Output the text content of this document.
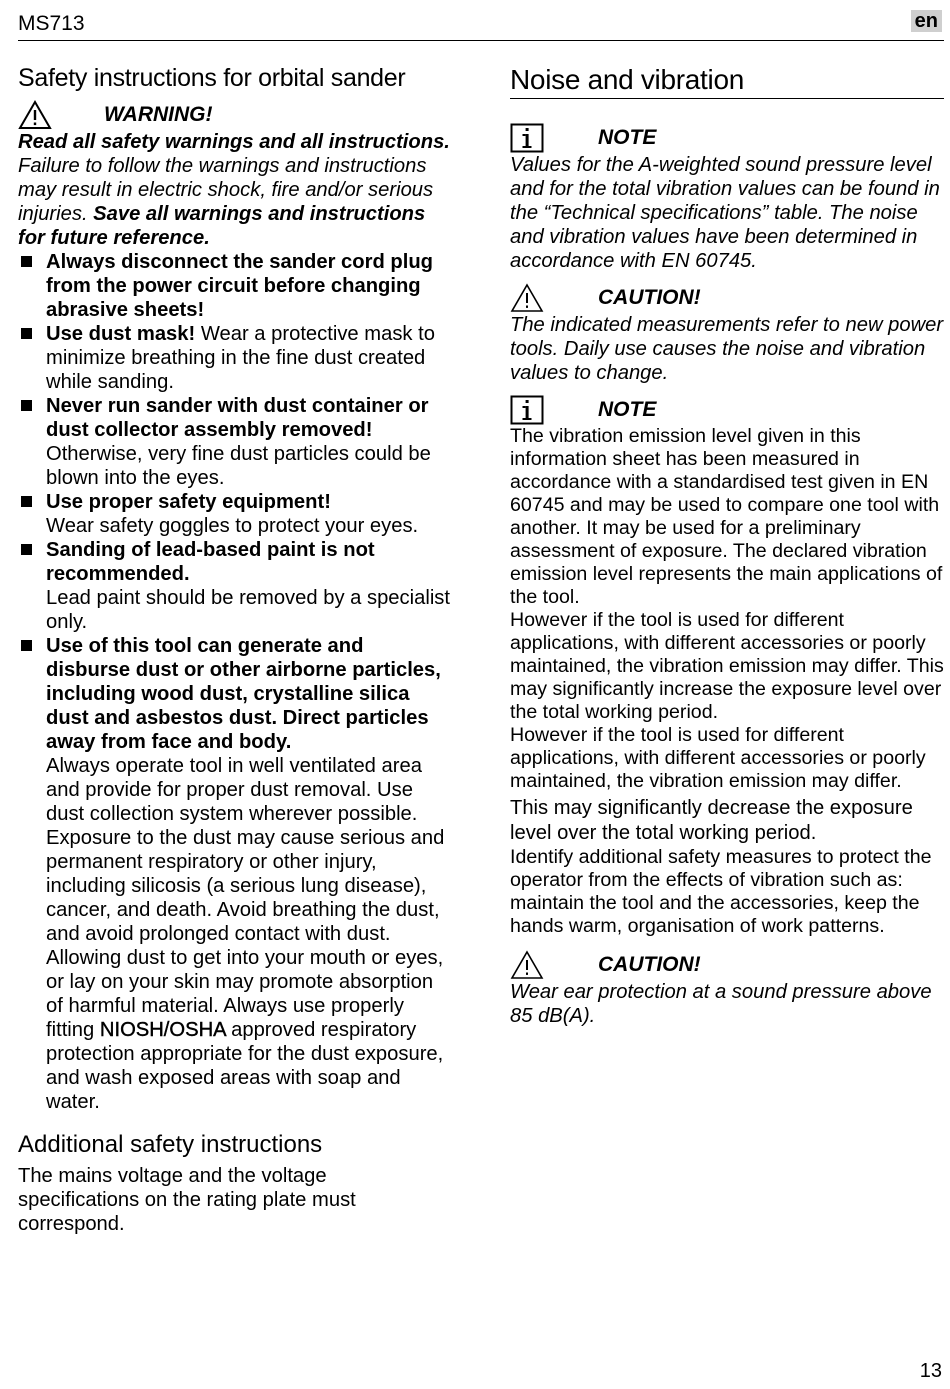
MS713	en
Safety instructions for orbital sander
WARNING!

Read all safety warnings and all instructions. Failure to follow the warnings and instructions may result in electric shock, fire and/or serious injuries. Save all warnings and instructions for future reference.

Always disconnect the sander cord plug from the power circuit before changing abrasive sheets!
Use dust mask! Wear a protective mask to minimize breathing in the fine dust created while sanding.
Never run sander with dust container or dust collector assembly removed!
Otherwise, very fine dust particles could be blown into the eyes.
Use proper safety equipment!
Wear safety goggles to protect your eyes.
Sanding of lead-based paint is not recommended.
Lead paint should be removed by a specialist only.
Use of this tool can generate and disburse dust or other airborne particles, including wood dust, crystalline silica dust and asbestos dust. Direct particles away from face and body.
Always operate tool in well ventilated area and provide for proper dust removal. Use dust collection system wherever possible. Exposure to the dust may cause serious and permanent respiratory or other injury, including silicosis (a serious lung disease), cancer, and death. Avoid breathing the dust, and avoid prolonged contact with dust. Allowing dust to get into your mouth or eyes, or lay on your skin may promote absorption of harmful material. Always use properly fitting NIOSH/OSHA approved respiratory protection appropriate for the dust exposure, and wash exposed areas with soap and water.
Additional safety instructions

The mains voltage and the voltage specifications on the rating plate must correspond.

Noise and vibration
NOTE

Values for the A-weighted sound pressure level and for the total vibration values can be found in the “Technical specifications” table. The noise and vibration values have been determined in accordance with EN 60745.

CAUTION!

The indicated measurements refer to new power tools. Daily use causes the noise and vibration values to change.

NOTE

The vibration emission level given in this information sheet has been measured in accordance with a standardised test given in EN 60745 and may be used to compare one tool with another. It may be used for a preliminary assessment of exposure. The declared vibration emission level represents the main applications of the tool.

However if the tool is used for different applications, with different accessories or poorly maintained, the vibration emission may differ. This may significantly increase the exposure level over the total working period.

However if the tool is used for different applications, with different accessories or poorly maintained, the vibration emission may differ.

This may significantly decrease the exposure level over the total working period.

Identify additional safety measures to protect the operator from the effects of vibration such as: maintain the tool and the accessories, keep the hands warm, organisation of work patterns.

CAUTION!

Wear ear protection at a sound pressure above 85 dB(A).

13
